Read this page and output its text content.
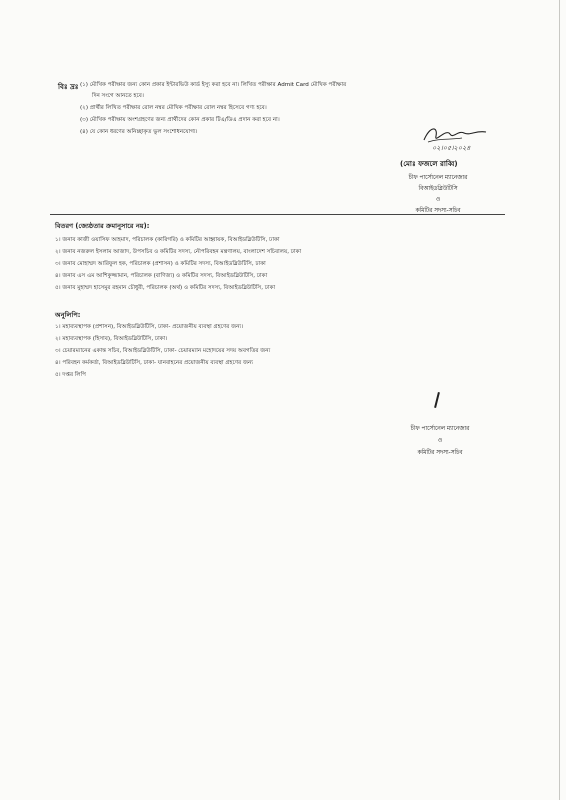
বিঃ দ্রঃ (১) মৌখিক পরীক্ষার জন্য কোন প্রকার ইন্টারভিউ কার্ড ইস্যু করা হবে না। লিখিত পরীক্ষার Admit Card মৌখিক পরীক্ষার
দিন সংগে আনতে হবে।
(২) প্রার্থীর লিখিত পরীক্ষার রোল নম্বর মৌখিক পরীক্ষার রোল নম্বর হিসেবে গণ্য হবে।
(৩) মৌখিক পরীক্ষায় অংশগ্রহণের জন্য প্রার্থীদের কোন প্রকার টিএ/ডিএ প্রদান করা হবে না।
(৪) যে কোন ধরণের অনিচ্ছাকৃত ভুল সংশোধনযোগ্য।
০২।০৫।২০২৪
(মোঃ ফজলে রাব্বি)
চীফ পার্সোনেল ম্যানেজার
বিআইডব্লিউটিসি
ও
কমিটির সদস্য-সচিব
বিতরণ (জ্যেষ্ঠতার ক্রমানুসারে নয়):
১। জনাব কাজী ওয়াসিফ আহমাদ, পরিচালক (কারিগরি) ও কমিটির আহ্বায়ক, বিআইডব্লিউটিসি, ঢাকা
২। জনাব নজরুল ইসলাম আজাদ, উপসচিব ও কমিটির সদস্য, নৌপরিবহন মন্ত্রণালয়, বাংলাদেশ সচিবালয়, ঢাকা
৩। জনাব মোহাম্মদ আরিফুল হক, পরিচালক (প্রশাসন) ও কমিটির সদস্য, বিআইডব্লিউটিসি, ঢাকা
৪। জনাব এস এম আশিকুজ্জামান, পরিচালক (বাণিজ্য) ও কমিটির সদস্য, বিআইডব্লিউটিসি, ঢাকা
৫। জনাব মুহাম্মদ হাসেমুর রহমান চৌধুরী, পরিচালক (অর্থ) ও কমিটির সদস্য, বিআইডব্লিউটিসি, ঢাকা
অনুলিপি:
১। মহাব্যবস্থাপক (প্রশাসন), বিআইডব্লিউটিসি, ঢাকা- প্রয়োজনীয় ব্যবস্থা গ্রহণের জন্য।
২। মহাব্যবস্থাপক (হিসাব), বিআইডব্লিউটিসি, ঢাকা।
৩। চেয়ারম্যানের একান্ত সচিব, বিআইডব্লিউটিসি, ঢাকা- চেয়ারম্যান মহোদয়ের সদয় অবগতির জন্য
৪। পরিবহন কর্মকর্তা, বিআইডব্লিউটিসি, ঢাকা- যানবাহনের প্রয়োজনীয় ব্যবস্থা গ্রহণের জন্য
৫। দপ্তর লিপি
চীফ পার্সোনেল ম্যানেজার
ও
কমিটির সদস্য-সচিব
